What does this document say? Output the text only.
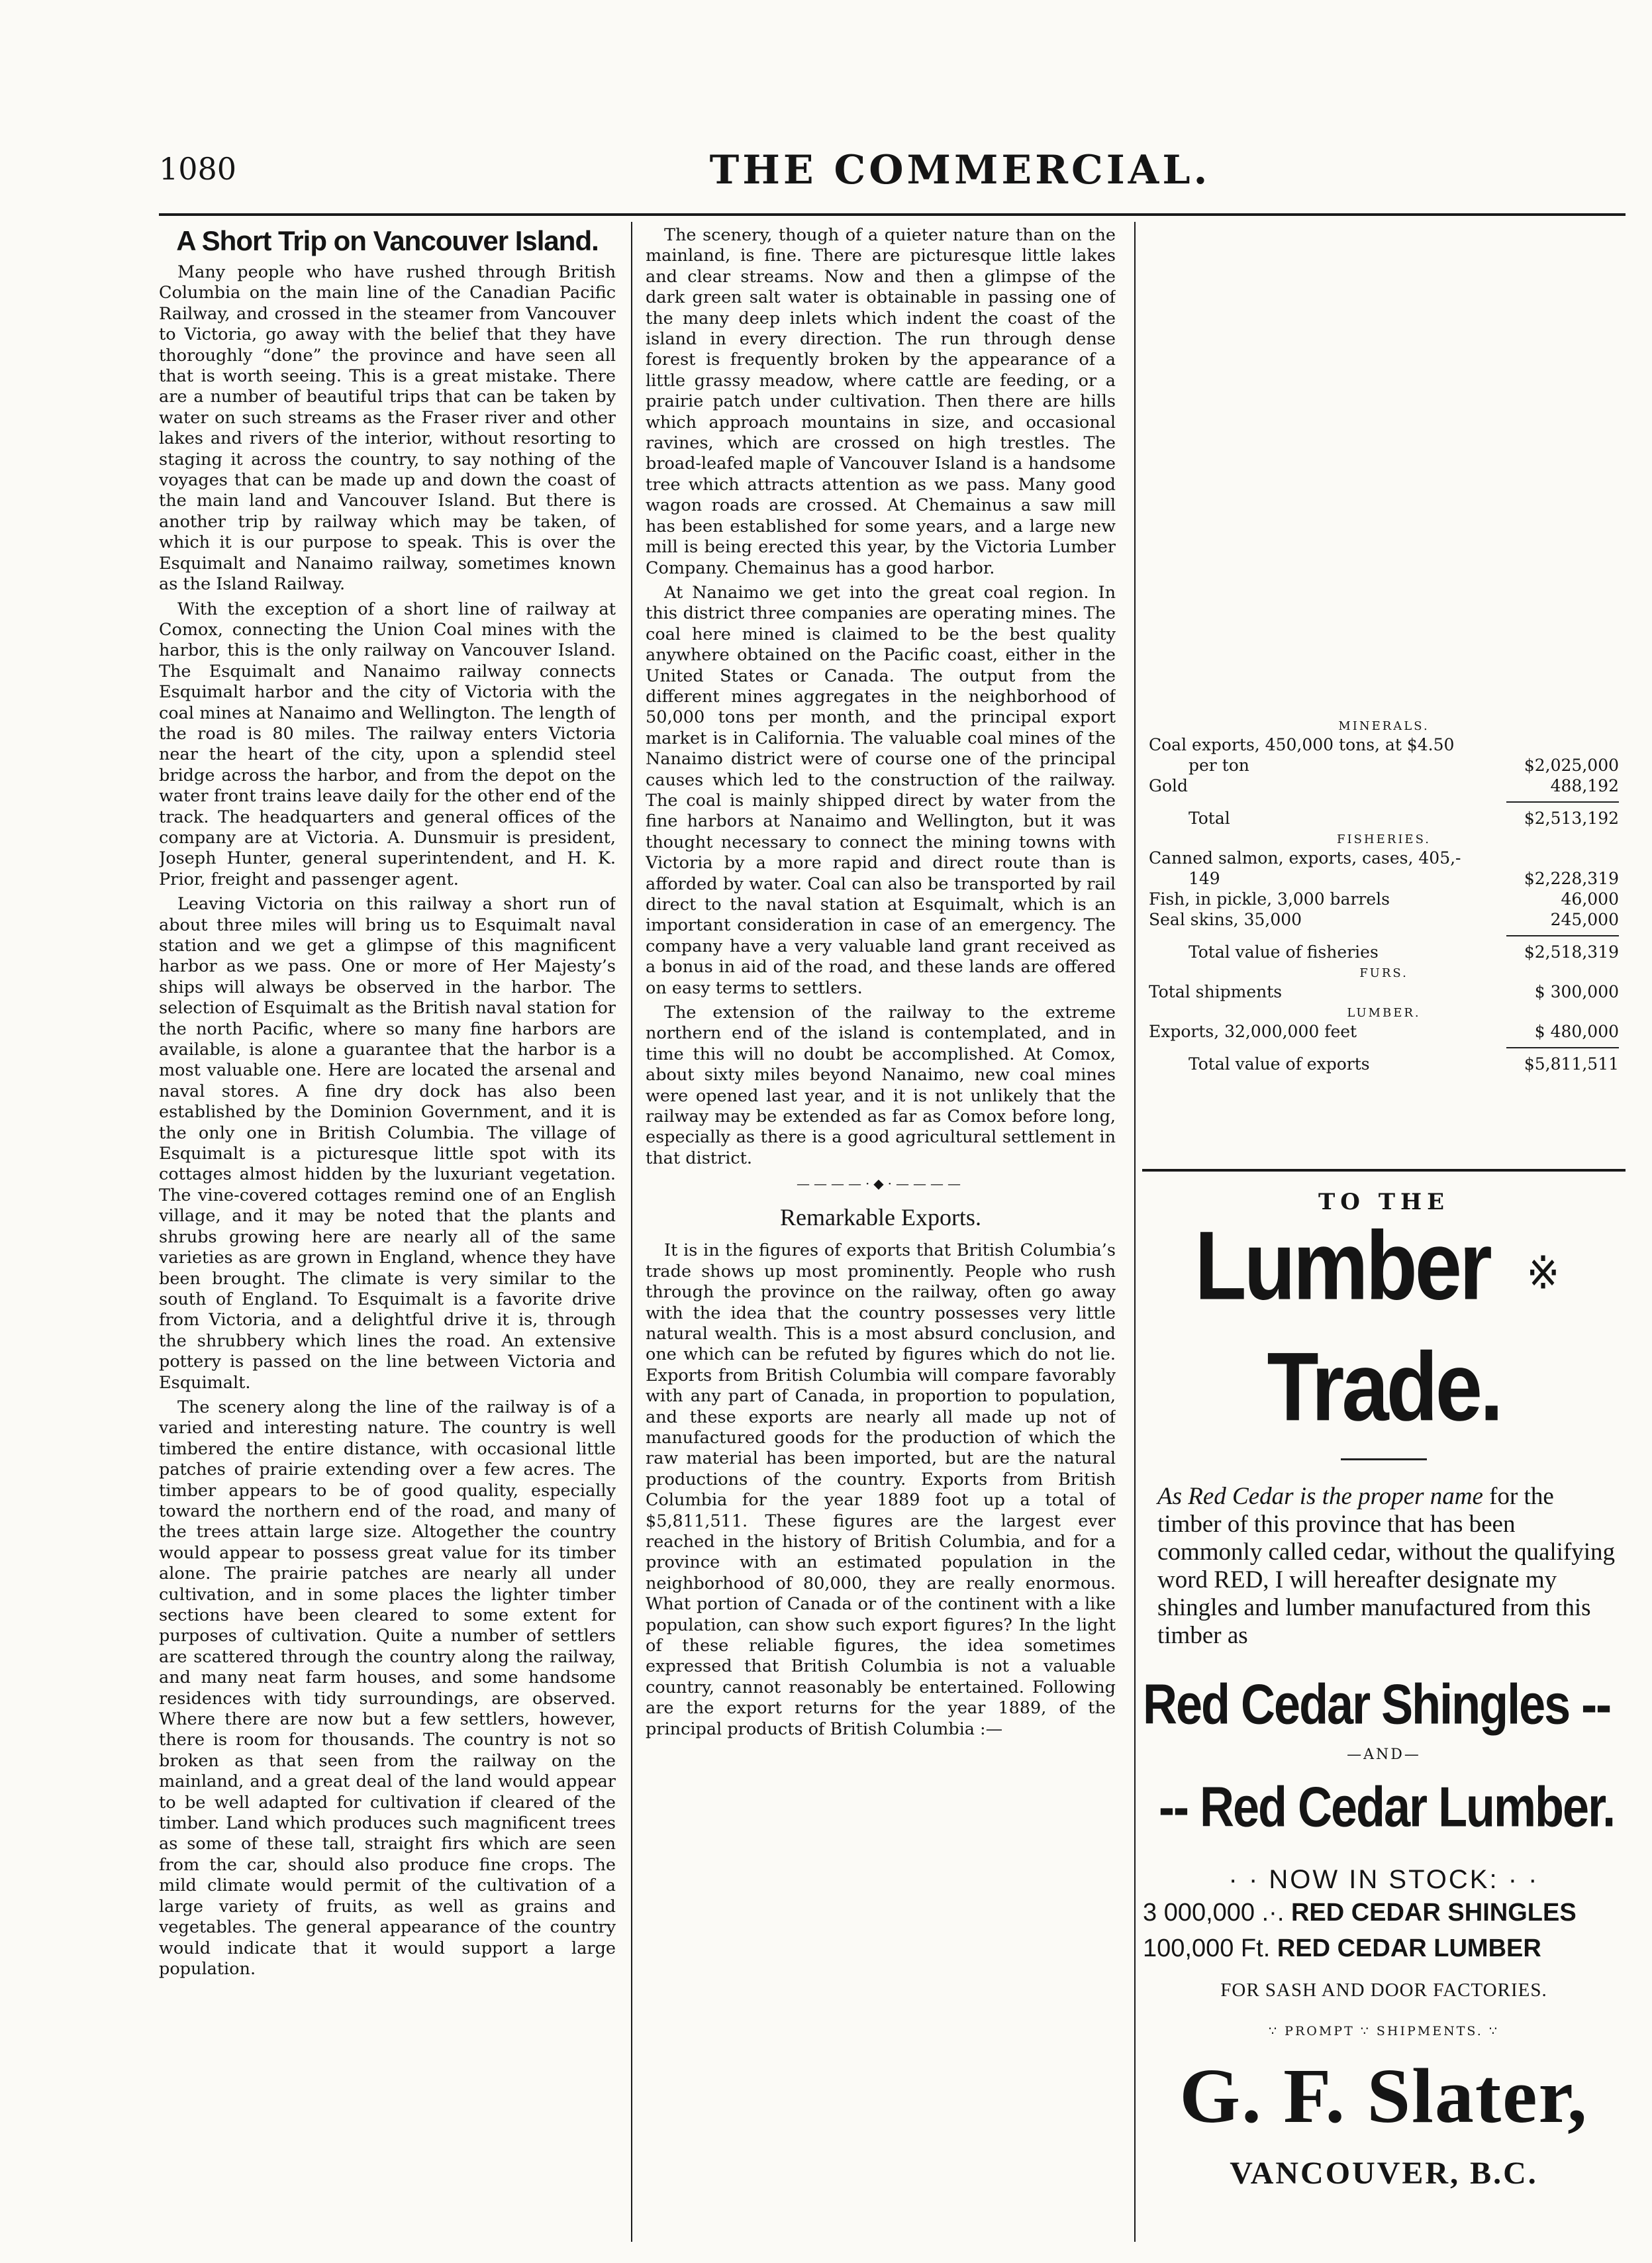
1080	THE COMMERCIAL.
A Short Trip on Vancouver Island.

Many people who have rushed through British Columbia on the main line of the Canadian Pacific Railway, and crossed in the steamer from Vancouver to Victoria, go away with the belief that they have thoroughly “done” the province and have seen all that is worth seeing. This is a great mistake. There are a number of beautiful trips that can be taken by water on such streams as the Fraser river and other lakes and rivers of the interior, without resorting to staging it across the country, to say nothing of the voyages that can be made up and down the coast of the main land and Vancouver Island. But there is another trip by railway which may be taken, of which it is our purpose to speak. This is over the Esquimalt and Nanaimo railway, sometimes known as the Island Railway.

With the exception of a short line of railway at Comox, connecting the Union Coal mines with the harbor, this is the only railway on Vancouver Island. The Esquimalt and Nanaimo railway connects Esquimalt harbor and the city of Victoria with the coal mines at Nanaimo and Wellington. The length of the road is 80 miles. The railway enters Victoria near the heart of the city, upon a splendid steel bridge across the harbor, and from the depot on the water front trains leave daily for the other end of the track. The headquarters and general offices of the company are at Victoria. A. Dunsmuir is president, Joseph Hunter, general superintendent, and H. K. Prior, freight and passenger agent.

Leaving Victoria on this railway a short run of about three miles will bring us to Esquimalt naval station and we get a glimpse of this magnificent harbor as we pass. One or more of Her Majesty’s ships will always be observed in the harbor. The selection of Esquimalt as the British naval station for the north Pacific, where so many fine harbors are available, is alone a guarantee that the harbor is a most valuable one. Here are located the arsenal and naval stores. A fine dry dock has also been established by the Dominion Government, and it is the only one in British Columbia. The village of Esquimalt is a picturesque little spot with its cottages almost hidden by the luxuriant vegetation. The vine-covered cottages remind one of an English village, and it may be noted that the plants and shrubs growing here are nearly all of the same varieties as are grown in England, whence they have been brought. The climate is very similar to the south of England. To Esquimalt is a favorite drive from Victoria, and a delightful drive it is, through the shrubbery which lines the road. An extensive pottery is passed on the line between Victoria and Esquimalt.

The scenery along the line of the railway is of a varied and interesting nature. The country is well timbered the entire distance, with occasional little patches of prairie extending over a few acres. The timber appears to be of good quality, especially toward the northern end of the road, and many of the trees attain large size. Altogether the country would appear to possess great value for its timber alone. The prairie patches are nearly all under cultivation, and in some places the lighter timber sections have been cleared to some extent for purposes of cultivation. Quite a number of settlers are scattered through the country along the railway, and many neat farm houses, and some handsome residences with tidy surroundings, are observed. Where there are now but a few settlers, however, there is room for thousands. The country is not so broken as that seen from the railway on the mainland, and a great deal of the land would appear to be well adapted for cultivation if cleared of the timber. Land which produces such magnificent trees as some of these tall, straight firs which are seen from the car, should also produce fine crops. The mild climate would permit of the cultivation of a large variety of fruits, as well as grains and vegetables. The general appearance of the country would indicate that it would support a large population.

The scenery, though of a quieter nature than on the mainland, is fine. There are picturesque little lakes and clear streams. Now and then a glimpse of the dark green salt water is obtainable in passing one of the many deep inlets which indent the coast of the island in every direction. The run through dense forest is frequently broken by the appearance of a little grassy meadow, where cattle are feeding, or a prairie patch under cultivation. Then there are hills which approach mountains in size, and occasional ravines, which are crossed on high trestles. The broad-leafed maple of Vancouver Island is a handsome tree which attracts attention as we pass. Many good wagon roads are crossed. At Chemainus a saw mill has been established for some years, and a large new mill is being erected this year, by the Victoria Lumber Company. Chemainus has a good harbor.

At Nanaimo we get into the great coal region. In this district three companies are operating mines. The coal here mined is claimed to be the best quality anywhere obtained on the Pacific coast, either in the United States or Canada. The output from the different mines aggregates in the neighborhood of 50,000 tons per month, and the principal export market is in California. The valuable coal mines of the Nanaimo district were of course one of the principal causes which led to the construction of the railway. The coal is mainly shipped direct by water from the fine harbors at Nanaimo and Wellington, but it was thought necessary to connect the mining towns with Victoria by a more rapid and direct route than is afforded by water. Coal can also be transported by rail direct to the naval station at Esquimalt, which is an important consideration in case of an emergency. The company have a very valuable land grant received as a bonus in aid of the road, and these lands are offered on easy terms to settlers.

The extension of the railway to the extreme northern end of the island is contemplated, and in time this will no doubt be accomplished. At Comox, about sixty miles beyond Nanaimo, new coal mines were opened last year, and it is not unlikely that the railway may be extended as far as Comox before long, especially as there is a good agricultural settlement in that district.

————·◆·————
Remarkable Exports.

It is in the figures of exports that British Columbia’s trade shows up most prominently. People who rush through the province on the railway, often go away with the idea that the country possesses very little natural wealth. This is a most absurd conclusion, and one which can be refuted by figures which do not lie. Exports from British Columbia will compare favorably with any part of Canada, in proportion to population, and these exports are nearly all made up not of manufactured goods for the production of which the raw material has been imported, but are the natural productions of the country. Exports from British Columbia for the year 1889 foot up a total of $5,811,511. These figures are the largest ever reached in the history of British Columbia, and for a province with an estimated population in the neighborhood of 80,000, they are really enormous. What portion of Canada or of the continent with a like population, can show such export figures? In the light of these reliable figures, the idea sometimes expressed that British Columbia is not a valuable country, cannot reasonably be entertained. Following are the export returns for the year 1889, of the principal products of British Columbia :—

MINERALS.
Coal exports, 450,000 tons, at $4.50
per ton	$2,025,000
Gold	488,192
Total	$2,513,192
FISHERIES.
Canned salmon, exports, cases, 405,-
149	$2,228,319
Fish, in pickle, 3,000 barrels	46,000
Seal skins, 35,000	245,000
Total value of fisheries	$2,518,319
FURS.
Total shipments	$ 300,000
LUMBER.
Exports, 32,000,000 feet	$ 480,000
Total value of exports	$5,811,511
TO THE
Lumber ※ Trade.

As Red Cedar is the proper name for the timber of this province that has been commonly called cedar, without the qualifying word RED, I will hereafter designate my shingles and lumber manufactured from this timber as

Red Cedar Shingles --
—AND—
-- Red Cedar Lumber.
· · NOW IN STOCK: · ·
3 000,000 .·. RED CEDAR SHINGLES
100,000 Ft. RED CEDAR LUMBER
FOR SASH AND DOOR FACTORIES.
∵ PROMPT ∵ SHIPMENTS. ∵
G. F. Slater,
VANCOUVER, B.C.
